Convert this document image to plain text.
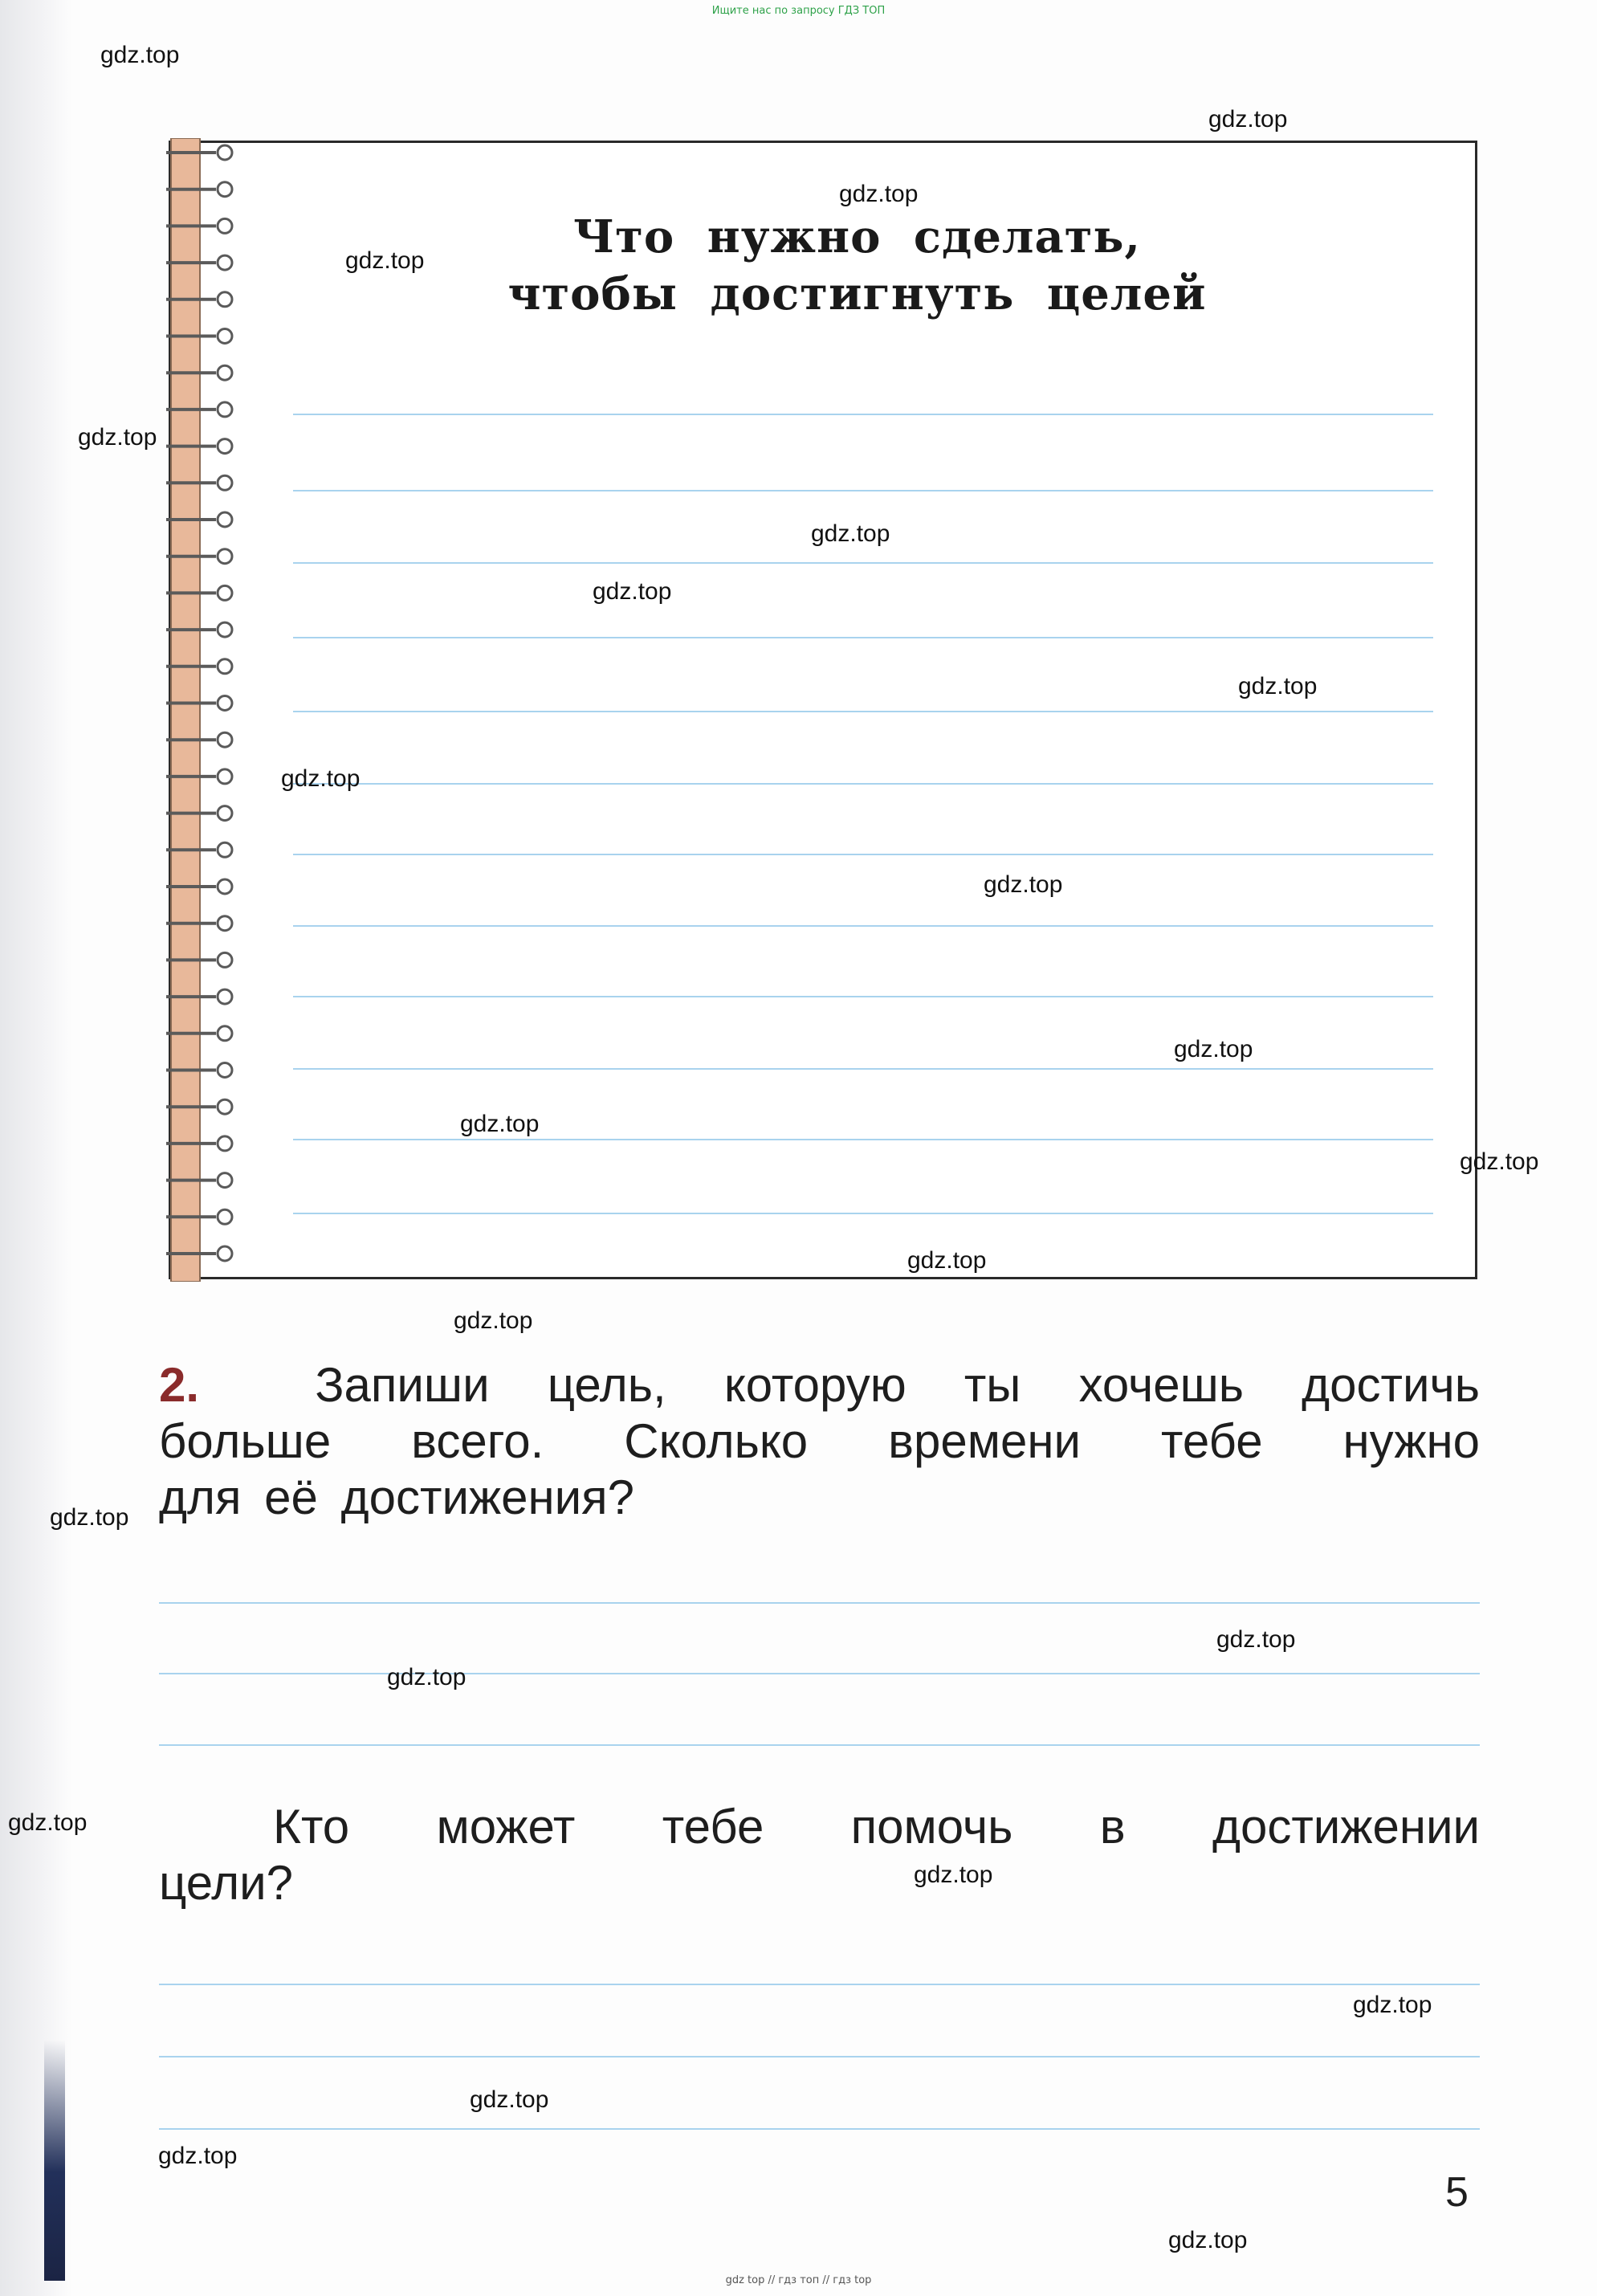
Ищите нас по запросу ГДЗ ТОП
Что нужно сделать,
чтобы достигнуть целей
2. Запиши цель, которую ты хочешь достичь
больше всего. Сколько времени тебе нужно
для её достижения?
Кто может тебе помочь в достижении
цели?
5
gdz.top
gdz.top
gdz.top
gdz.top
gdz.top
gdz.top
gdz.top
gdz.top
gdz.top
gdz.top
gdz.top
gdz.top
gdz.top
gdz.top
gdz.top
gdz.top
gdz.top
gdz.top
gdz.top
gdz.top
gdz.top
gdz.top
gdz.top
gdz.top
gdz top // гдз топ // гдз top
